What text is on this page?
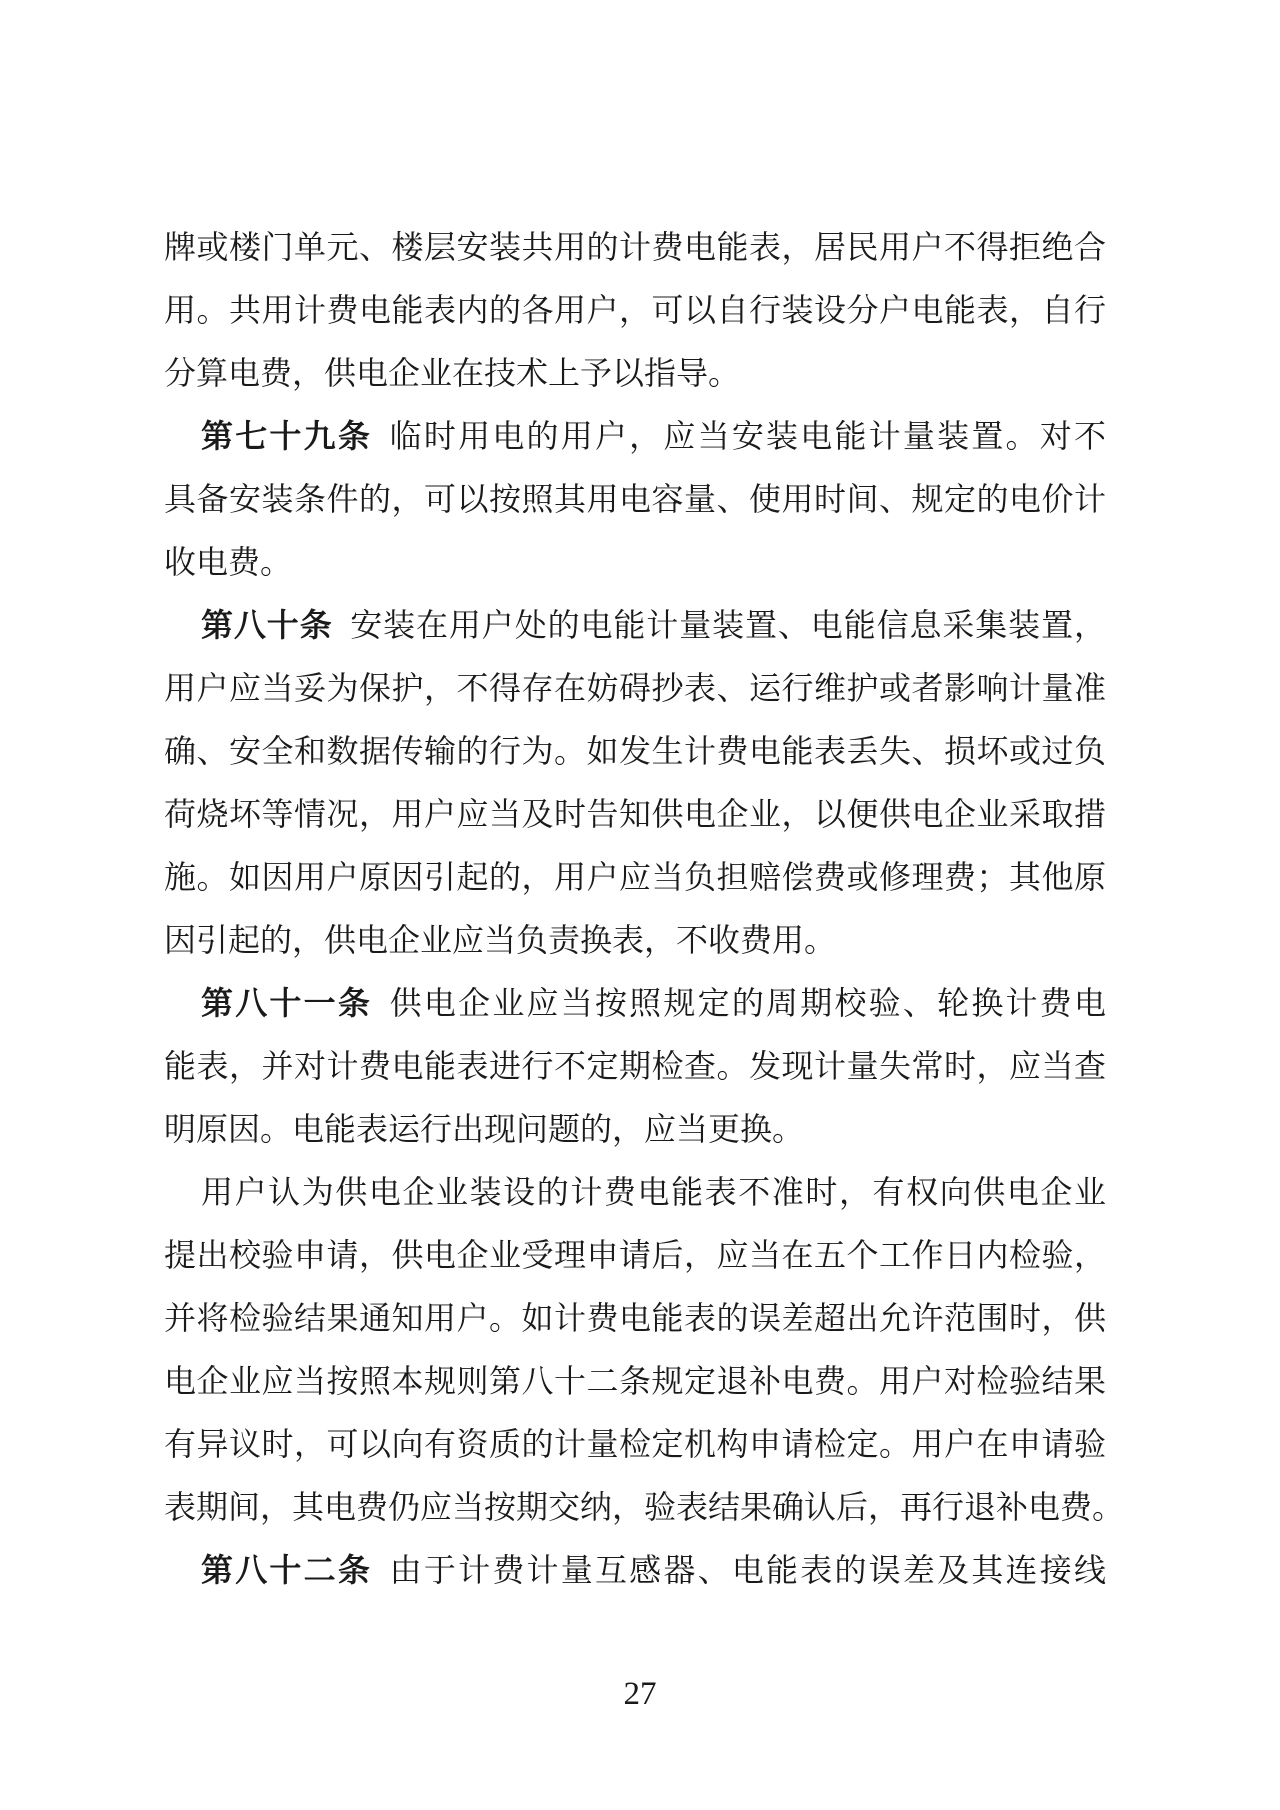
牌或楼门单元、楼层安装共用的计费电能表，居民用户不得拒绝合
用。共用计费电能表内的各用户，可以自行装设分户电能表，自行
分算电费，供电企业在技术上予以指导。
第七十九条 临时用电的用户，应当安装电能计量装置。对不
具备安装条件的，可以按照其用电容量、使用时间、规定的电价计
收电费。
第八十条 安装在用户处的电能计量装置、电能信息采集装置，
用户应当妥为保护，不得存在妨碍抄表、运行维护或者影响计量准
确、安全和数据传输的行为。如发生计费电能表丢失、损坏或过负
荷烧坏等情况，用户应当及时告知供电企业，以便供电企业采取措
施。如因用户原因引起的，用户应当负担赔偿费或修理费；其他原
因引起的，供电企业应当负责换表，不收费用。
第八十一条 供电企业应当按照规定的周期校验、轮换计费电
能表，并对计费电能表进行不定期检查。发现计量失常时，应当查
明原因。电能表运行出现问题的，应当更换。
用户认为供电企业装设的计费电能表不准时，有权向供电企业
提出校验申请，供电企业受理申请后，应当在五个工作日内检验，
并将检验结果通知用户。如计费电能表的误差超出允许范围时，供
电企业应当按照本规则第八十二条规定退补电费。用户对检验结果
有异议时，可以向有资质的计量检定机构申请检定。用户在申请验
表期间，其电费仍应当按期交纳，验表结果确认后，再行退补电费。
第八十二条 由于计费计量互感器、电能表的误差及其连接线
27
